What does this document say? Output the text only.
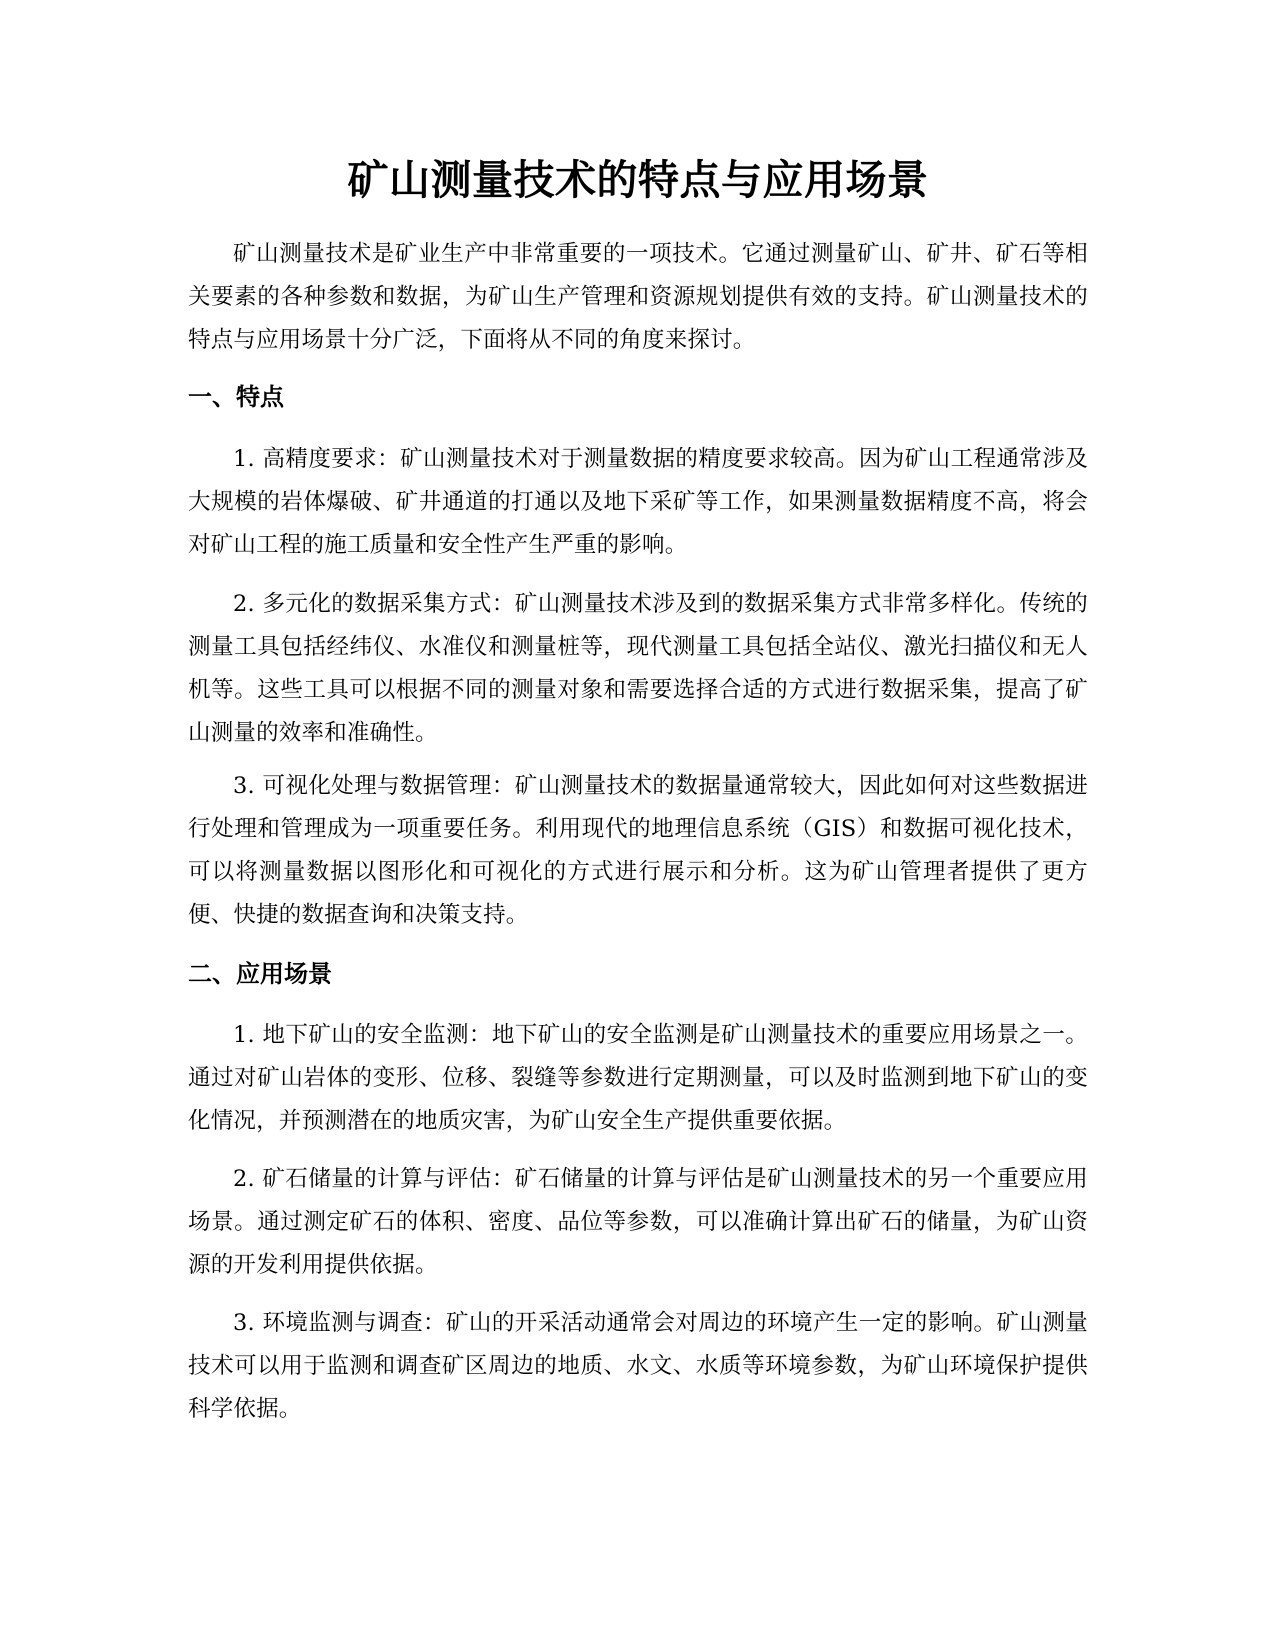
矿山测量技术的特点与应用场景

矿山测量技术是矿业生产中非常重要的一项技术。它通过测量矿山、矿井、矿石等相关要素的各种参数和数据，为矿山生产管理和资源规划提供有效的支持。矿山测量技术的特点与应用场景十分广泛，下面将从不同的角度来探讨。

一、特点

1. 高精度要求：矿山测量技术对于测量数据的精度要求较高。因为矿山工程通常涉及大规模的岩体爆破、矿井通道的打通以及地下采矿等工作，如果测量数据精度不高，将会对矿山工程的施工质量和安全性产生严重的影响。

2. 多元化的数据采集方式：矿山测量技术涉及到的数据采集方式非常多样化。传统的测量工具包括经纬仪、水准仪和测量桩等，现代测量工具包括全站仪、激光扫描仪和无人机等。这些工具可以根据不同的测量对象和需要选择合适的方式进行数据采集，提高了矿山测量的效率和准确性。

3. 可视化处理与数据管理：矿山测量技术的数据量通常较大，因此如何对这些数据进行处理和管理成为一项重要任务。利用现代的地理信息系统（GIS）和数据可视化技术，可以将测量数据以图形化和可视化的方式进行展示和分析。这为矿山管理者提供了更方便、快捷的数据查询和决策支持。

二、应用场景

1. 地下矿山的安全监测：地下矿山的安全监测是矿山测量技术的重要应用场景之一。通过对矿山岩体的变形、位移、裂缝等参数进行定期测量，可以及时监测到地下矿山的变化情况，并预测潜在的地质灾害，为矿山安全生产提供重要依据。

2. 矿石储量的计算与评估：矿石储量的计算与评估是矿山测量技术的另一个重要应用场景。通过测定矿石的体积、密度、品位等参数，可以准确计算出矿石的储量，为矿山资源的开发利用提供依据。

3. 环境监测与调查：矿山的开采活动通常会对周边的环境产生一定的影响。矿山测量技术可以用于监测和调查矿区周边的地质、水文、水质等环境参数，为矿山环境保护提供科学依据。
